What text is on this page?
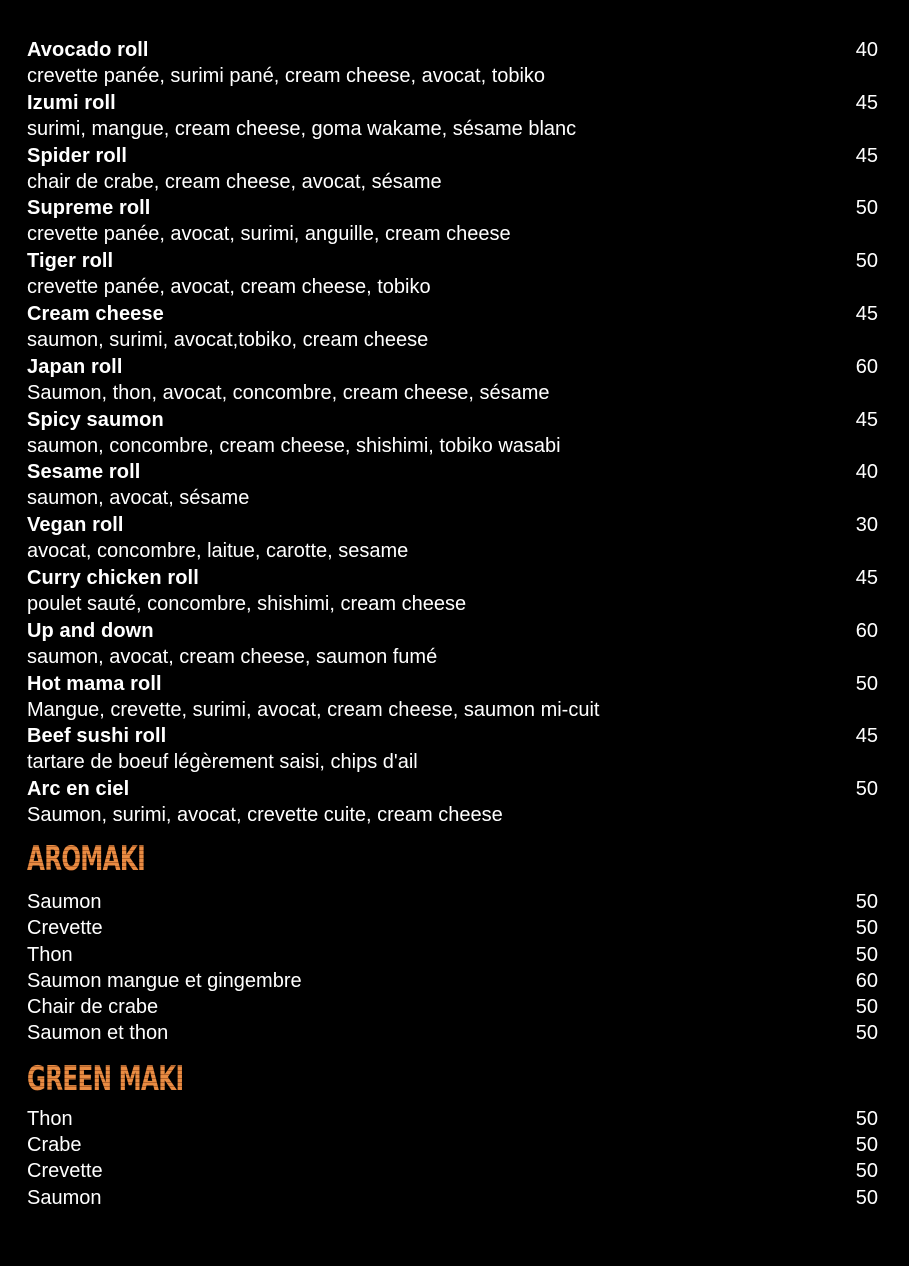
Avocado roll	40
crevette panée, surimi pané, cream cheese, avocat, tobiko
Izumi roll	45
surimi, mangue, cream cheese, goma wakame, sésame blanc
Spider roll	45
chair de crabe, cream cheese, avocat, sésame
Supreme roll	50
crevette panée, avocat, surimi, anguille, cream cheese
Tiger roll	50
crevette panée, avocat, cream cheese, tobiko
Cream cheese	45
saumon, surimi, avocat,tobiko, cream cheese
Japan roll	60
Saumon, thon, avocat, concombre, cream cheese, sésame
Spicy saumon	45
saumon, concombre, cream cheese, shishimi, tobiko wasabi
Sesame roll	40
saumon, avocat, sésame
Vegan roll	30
avocat, concombre, laitue, carotte, sesame
Curry chicken roll	45
poulet sauté, concombre, shishimi, cream cheese
Up and down	60
saumon, avocat, cream cheese, saumon fumé
Hot mama roll	50
Mangue, crevette, surimi, avocat, cream cheese, saumon mi-cuit
Beef sushi roll	45
tartare de boeuf légèrement saisi, chips d'ail
Arc en ciel	50
Saumon, surimi, avocat, crevette cuite, cream cheese
AROMAKI
Saumon	50
Crevette	50
Thon	50
Saumon mangue et gingembre	60
Chair de crabe	50
Saumon et thon	50
GREEN MAKI
Thon	50
Crabe	50
Crevette	50
Saumon	50
